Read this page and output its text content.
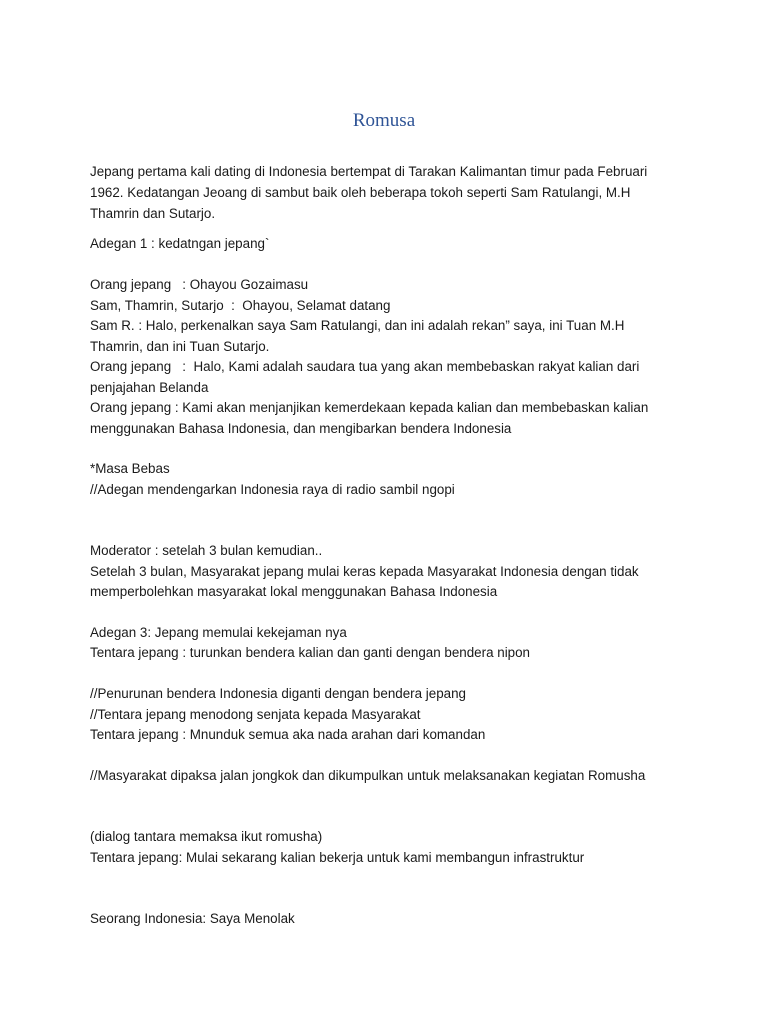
Romusa
Jepang pertama kali dating di Indonesia bertempat di Tarakan Kalimantan timur pada Februari
1962. Kedatangan Jeoang di sambut baik oleh beberapa tokoh seperti Sam Ratulangi, M.H
Thamrin dan Sutarjo.
Adegan 1 : kedatngan jepang`
Orang jepang   : Ohayou Gozaimasu
Sam, Thamrin, Sutarjo  :  Ohayou, Selamat datang
Sam R. : Halo, perkenalkan saya Sam Ratulangi, dan ini adalah rekan” saya, ini Tuan M.H
Thamrin, dan ini Tuan Sutarjo.
Orang jepang   :  Halo, Kami adalah saudara tua yang akan membebaskan rakyat kalian dari
penjajahan Belanda
Orang jepang : Kami akan menjanjikan kemerdekaan kepada kalian dan membebaskan kalian
menggunakan Bahasa Indonesia, dan mengibarkan bendera Indonesia
*Masa Bebas
//Adegan mendengarkan Indonesia raya di radio sambil ngopi
Moderator : setelah 3 bulan kemudian..
Setelah 3 bulan, Masyarakat jepang mulai keras kepada Masyarakat Indonesia dengan tidak
memperbolehkan masyarakat lokal menggunakan Bahasa Indonesia
Adegan 3: Jepang memulai kekejaman nya
Tentara jepang : turunkan bendera kalian dan ganti dengan bendera nipon
//Penurunan bendera Indonesia diganti dengan bendera jepang
//Tentara jepang menodong senjata kepada Masyarakat
Tentara jepang : Mnunduk semua aka nada arahan dari komandan
//Masyarakat dipaksa jalan jongkok dan dikumpulkan untuk melaksanakan kegiatan Romusha
(dialog tantara memaksa ikut romusha)
Tentara jepang: Mulai sekarang kalian bekerja untuk kami membangun infrastruktur
Seorang Indonesia: Saya Menolak
